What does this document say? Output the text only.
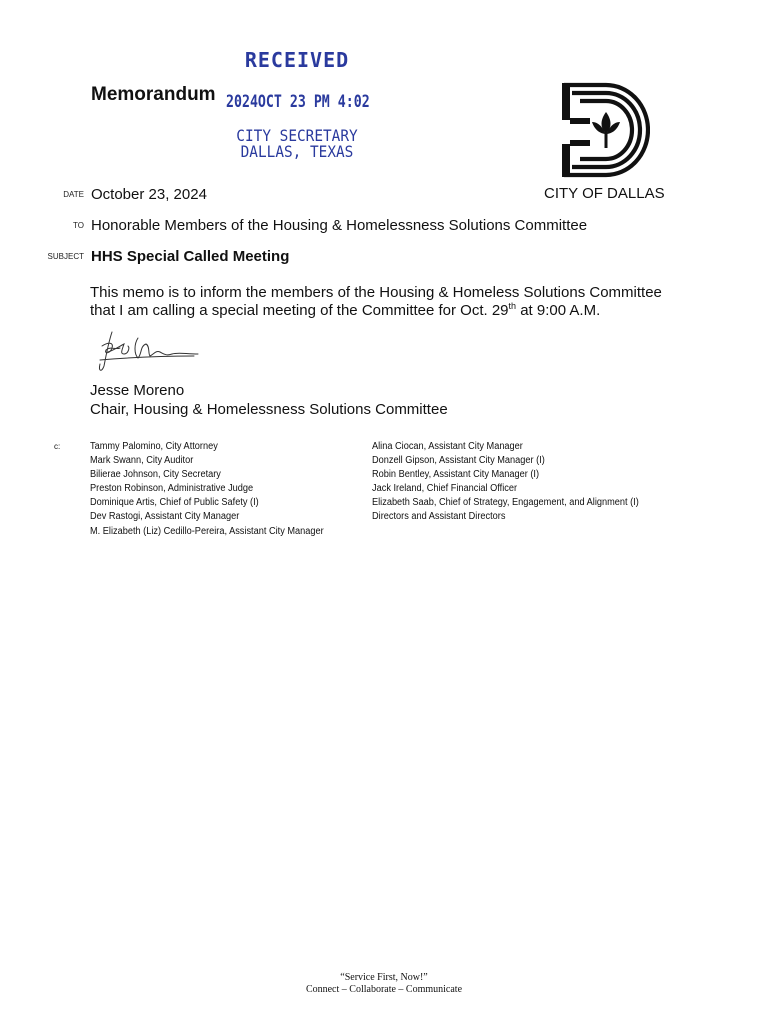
Memorandum
RECEIVED
2024OCT 23 PM 4:02
CITY SECRETARY
DALLAS, TEXAS
CITY OF DALLAS
DATE October 23, 2024
TO Honorable Members of the Housing & Homelessness Solutions Committee
SUBJECT HHS Special Called Meeting

This memo is to inform the members of the Housing & Homeless Solutions Committee

that I am calling a special meeting of the Committee for Oct. 29th at 9:00 A.M.

Jesse Moreno
Chair, Housing & Homelessness Solutions Committee
c:	Tammy Palomino, City Attorney
Mark Swann, City Auditor
Bilierae Johnson, City Secretary
Preston Robinson, Administrative Judge
Dominique Artis, Chief of Public Safety (I)
Dev Rastogi, Assistant City Manager
M. Elizabeth (Liz) Cedillo-Pereira, Assistant City Manager
Alina Ciocan, Assistant City Manager
Donzell Gipson, Assistant City Manager (I)
Robin Bentley, Assistant City Manager (I)
Jack Ireland, Chief Financial Officer
Elizabeth Saab, Chief of Strategy, Engagement, and Alignment (I)
Directors and Assistant Directors
“Service First, Now!”
Connect – Collaborate – Communicate
